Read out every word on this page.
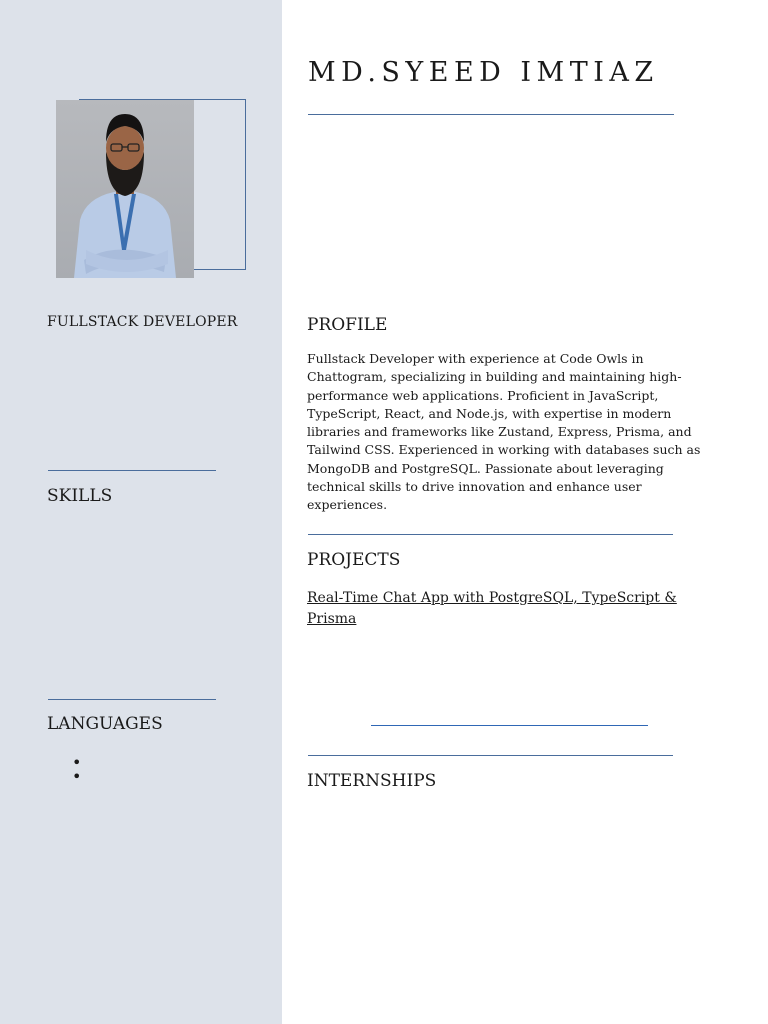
FULLSTACK DEVELOPER
SKILLS
LANGUAGES
•
•
MD.SYEED IMTIAZ
PROFILE
Fullstack Developer with experience at Code Owls in Chattogram, specializing in building and maintaining high-performance web applications. Proficient in JavaScript, TypeScript, React, and Node.js, with expertise in modern libraries and frameworks like Zustand, Express, Prisma, and Tailwind CSS. Experienced in working with databases such as MongoDB and PostgreSQL. Passionate about leveraging technical skills to drive innovation and enhance user experiences.
PROJECTS
Real-Time Chat App with PostgreSQL, TypeScript & Prisma
INTERNSHIPS
